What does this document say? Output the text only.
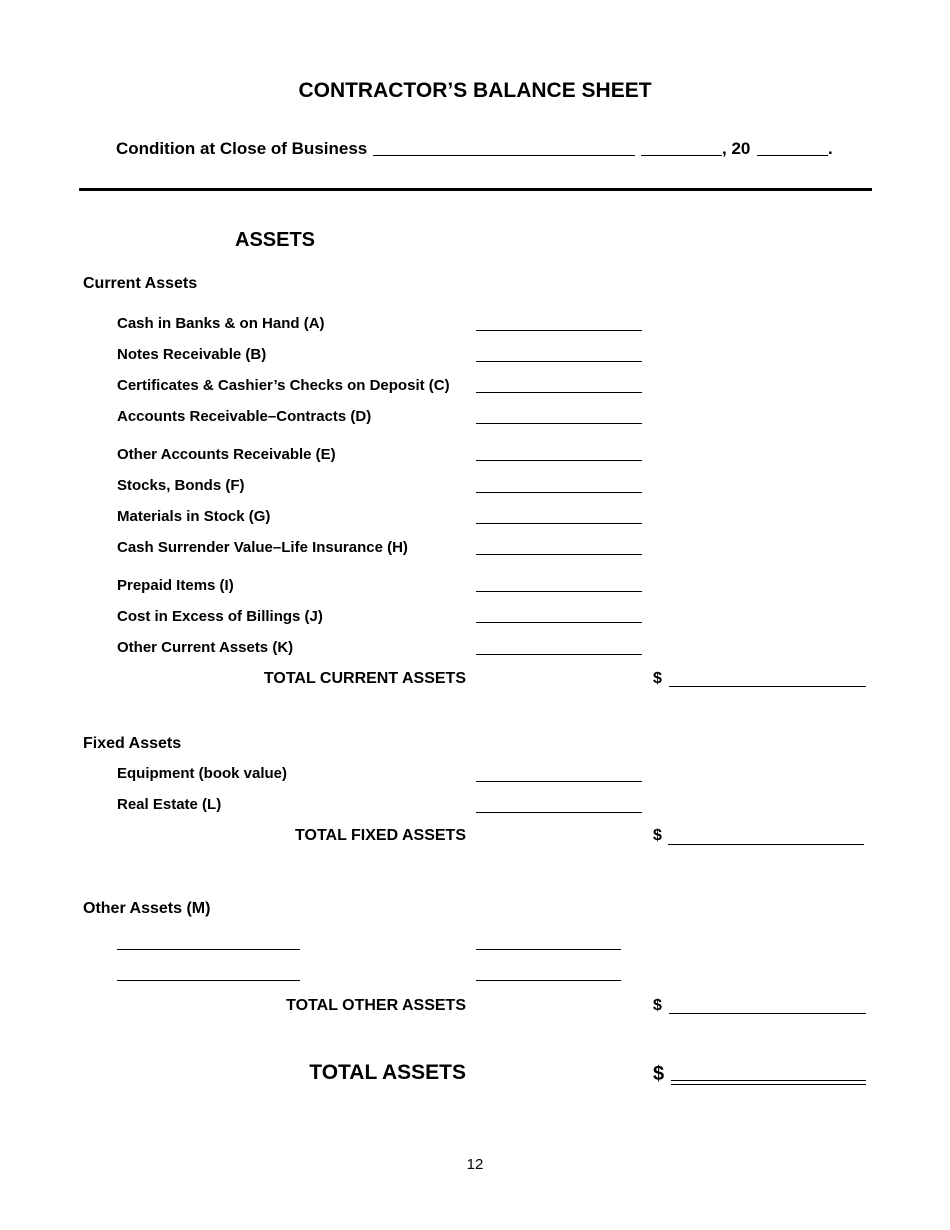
CONTRACTOR’S BALANCE SHEET
Condition at Close of Business	, 20	.
ASSETS
Current Assets
Cash in Banks & on Hand (A)
Notes Receivable (B)
Certificates & Cashier’s Checks on Deposit (C)
Accounts Receivable–Contracts (D)
Other Accounts Receivable (E)
Stocks, Bonds (F)
Materials in Stock (G)
Cash Surrender Value–Life Insurance (H)
Prepaid Items (I)
Cost in Excess of Billings (J)
Other Current Assets (K)
TOTAL CURRENT ASSETS	$
Fixed Assets
Equipment (book value)
Real Estate (L)
TOTAL FIXED ASSETS	$
Other Assets (M)
TOTAL OTHER ASSETS	$
TOTAL ASSETS	$
12
